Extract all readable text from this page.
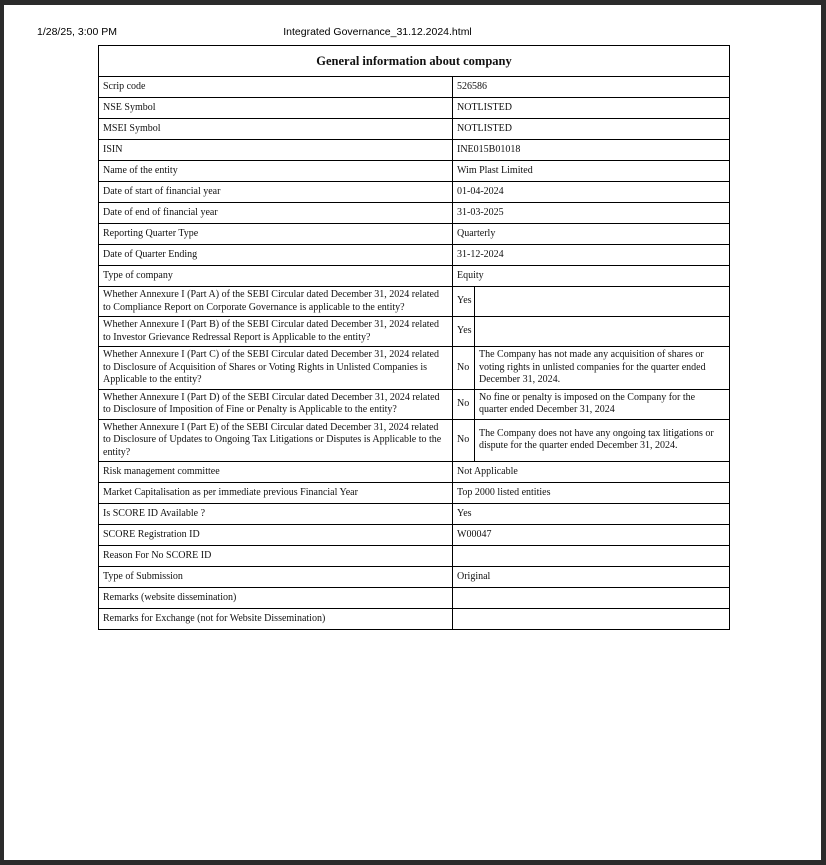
1/28/25, 3:00 PM	Integrated Governance_31.12.2024.html
General information about company		
Scrip code	526586	
NSE Symbol	NOTLISTED	
MSEI Symbol	NOTLISTED	
ISIN	INE015B01018	
Name of the entity	Wim Plast Limited	
Date of start of financial year	01-04-2024	
Date of end of financial year	31-03-2025	
Reporting Quarter Type	Quarterly	
Date of Quarter Ending	31-12-2024	
Type of company	Equity	
Whether Annexure I (Part A) of the SEBI Circular dated December 31, 2024 related to Compliance Report on Corporate Governance is applicable to the entity?	Yes	
Whether Annexure I (Part B) of the SEBI Circular dated December 31, 2024 related to Investor Grievance Redressal Report is Applicable to the entity?	Yes	
Whether Annexure I (Part C) of the SEBI Circular dated December 31, 2024 related to Disclosure of Acquisition of Shares or Voting Rights in Unlisted Companies is Applicable to the entity?	No	The Company has not made any acquisition of shares or voting rights in unlisted companies for the quarter ended December 31, 2024.
Whether Annexure I (Part D) of the SEBI Circular dated December 31, 2024 related to Disclosure of Imposition of Fine or Penalty is Applicable to the entity?	No	No fine or penalty is imposed on the Company for the quarter ended December 31, 2024
Whether Annexure I (Part E) of the SEBI Circular dated December 31, 2024 related to Disclosure of Updates to Ongoing Tax Litigations or Disputes is Applicable to the entity?	No	The Company does not have any ongoing tax litigations or dispute for the quarter ended December 31, 2024.
Risk management committee	Not Applicable	
Market Capitalisation as per immediate previous Financial Year	Top 2000 listed entities	
Is SCORE ID Available ?	Yes	
SCORE Registration ID	W00047	
Reason For No SCORE ID		
Type of Submission	Original	
Remarks (website dissemination)		
Remarks for Exchange (not for Website Dissemination)		
